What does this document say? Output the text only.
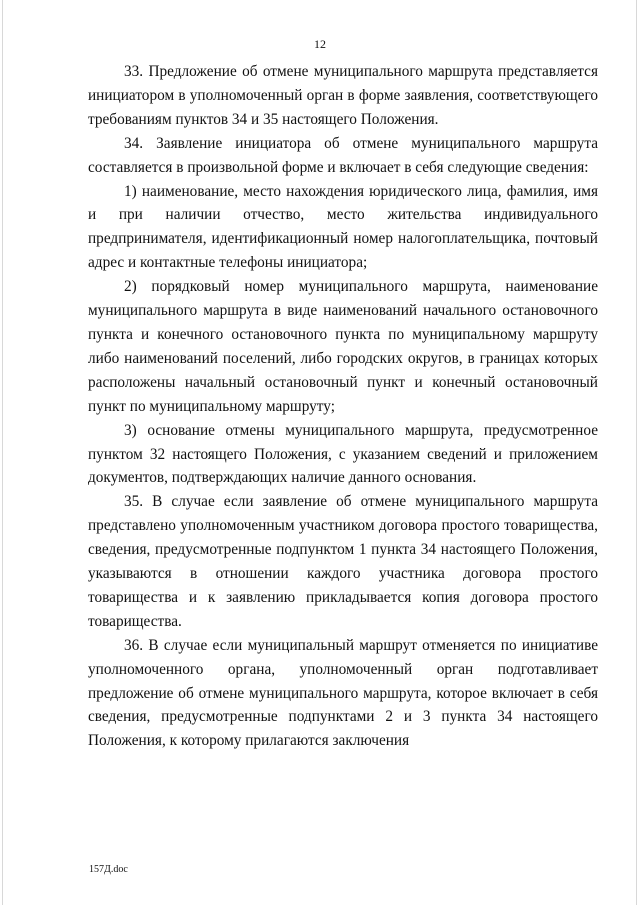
12

33. Предложение об отмене муниципального маршрута представляется инициатором в уполномоченный орган в форме заявления, соответствующего требованиям пунктов 34 и 35 настоящего Положения.

34. Заявление инициатора об отмене муниципального маршрута составляется в произвольной форме и включает в себя следующие сведения:

1) наименование, место нахождения юридического лица, фамилия, имя и при наличии отчество, место жительства индивидуального предпринимателя, идентификационный номер налогоплательщика, почтовый адрес и контактные телефоны инициатора;

2) порядковый номер муниципального маршрута, наименование муниципального маршрута в виде наименований начального остановочного пункта и конечного остановочного пункта по муниципальному маршруту либо наименований поселений, либо городских округов, в границах которых расположены начальный остановочный пункт и конечный остановочный пункт по муниципальному маршруту;

3) основание отмены муниципального маршрута, предусмотренное пунктом 32 настоящего Положения, с указанием сведений и приложением документов, подтверждающих наличие данного основания.

35. В случае если заявление об отмене муниципального маршрута представлено уполномоченным участником договора простого товарищества, сведения, предусмотренные подпунктом 1 пункта 34 настоящего Положения, указываются в отношении каждого участника договора простого товарищества и к заявлению прикладывается копия договора простого товарищества.

36. В случае если муниципальный маршрут отменяется по инициативе уполномоченного органа, уполномоченный орган подготавливает предложение об отмене муниципального маршрута, которое включает в себя сведения, предусмотренные подпунктами 2 и 3 пункта 34 настоящего Положения, к которому прилагаются заключения

157Д.doc
